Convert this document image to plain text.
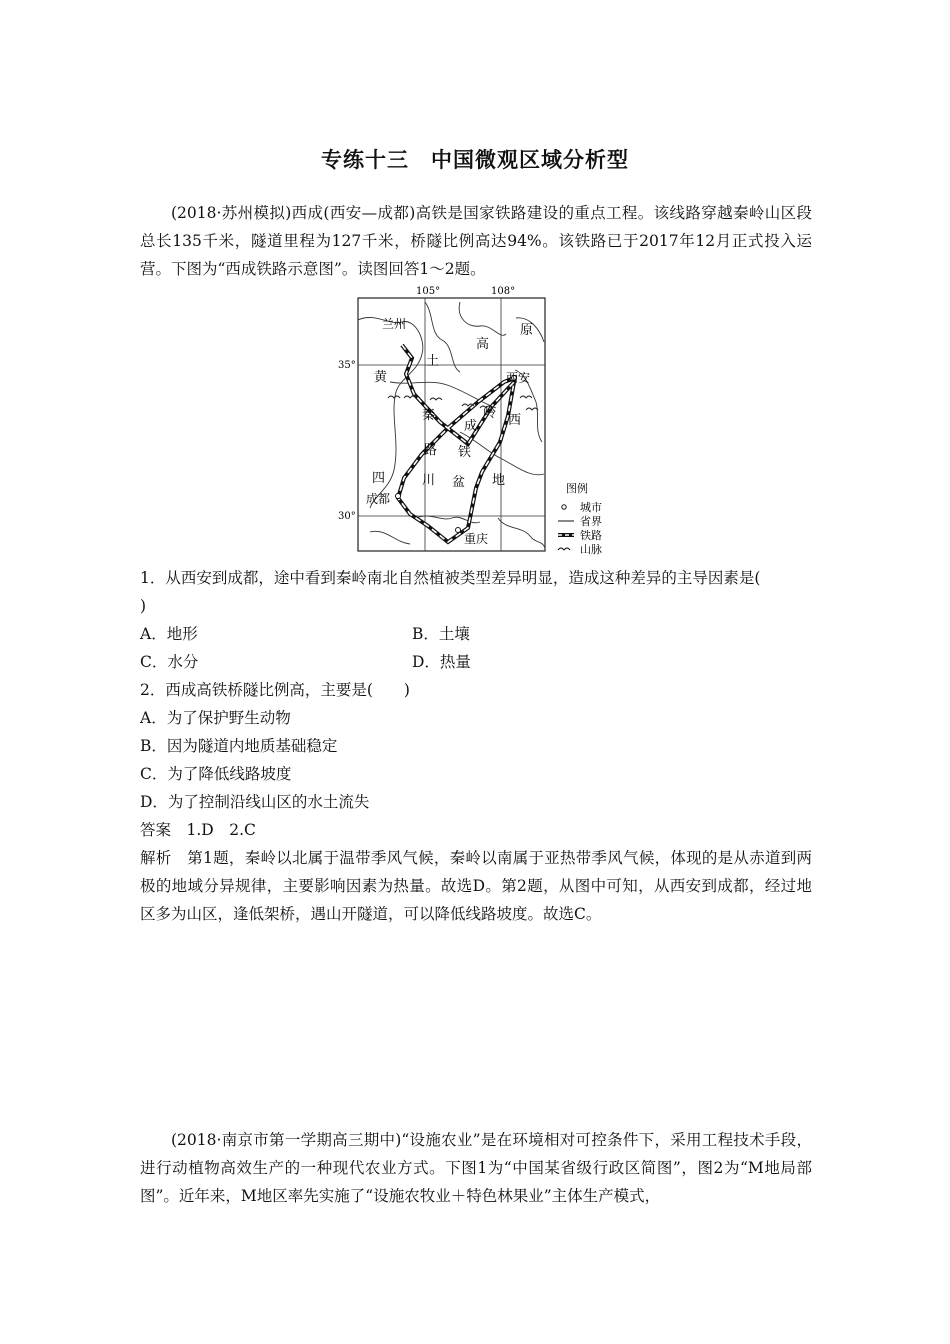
专练十三　中国微观区域分析型
(2018·苏州模拟)西成(西安—成都)高铁是国家铁路建设的重点工程。该线路穿越秦岭山区段总长135千米，隧道里程为127千米，桥隧比例高达94%。该铁路已于2017年12月正式投入运营。下图为“西成铁路示意图”。读图回答1～2题。
105°	108°
35°
30°
兰州
西安
成都
重庆
黄
土
高
原
秦	岭 西
成
路 铁
四	川 盆 地
图例
城市
省界
铁路
山脉
1．从西安到成都，途中看到秦岭南北自然植被类型差异明显，造成这种差异的主导因素是(
)
A．地形	B．土壤
C．水分	D．热量
2．西成高铁桥隧比例高，主要是(　　)
A．为了保护野生动物
B．因为隧道内地质基础稳定
C．为了降低线路坡度
D．为了控制沿线山区的水土流失
答案　1.D　2.C
解析　第1题，秦岭以北属于温带季风气候，秦岭以南属于亚热带季风气候，体现的是从赤道到两极的地域分异规律，主要影响因素为热量。故选D。第2题，从图中可知，从西安到成都，经过地区多为山区，逢低架桥，遇山开隧道，可以降低线路坡度。故选C。
(2018·南京市第一学期高三期中)“设施农业”是在环境相对可控条件下，采用工程技术手段，进行动植物高效生产的一种现代农业方式。下图1为“中国某省级行政区简图”，图2为“M地局部图”。近年来，M地区率先实施了“设施农牧业＋特色林果业”主体生产模式，
